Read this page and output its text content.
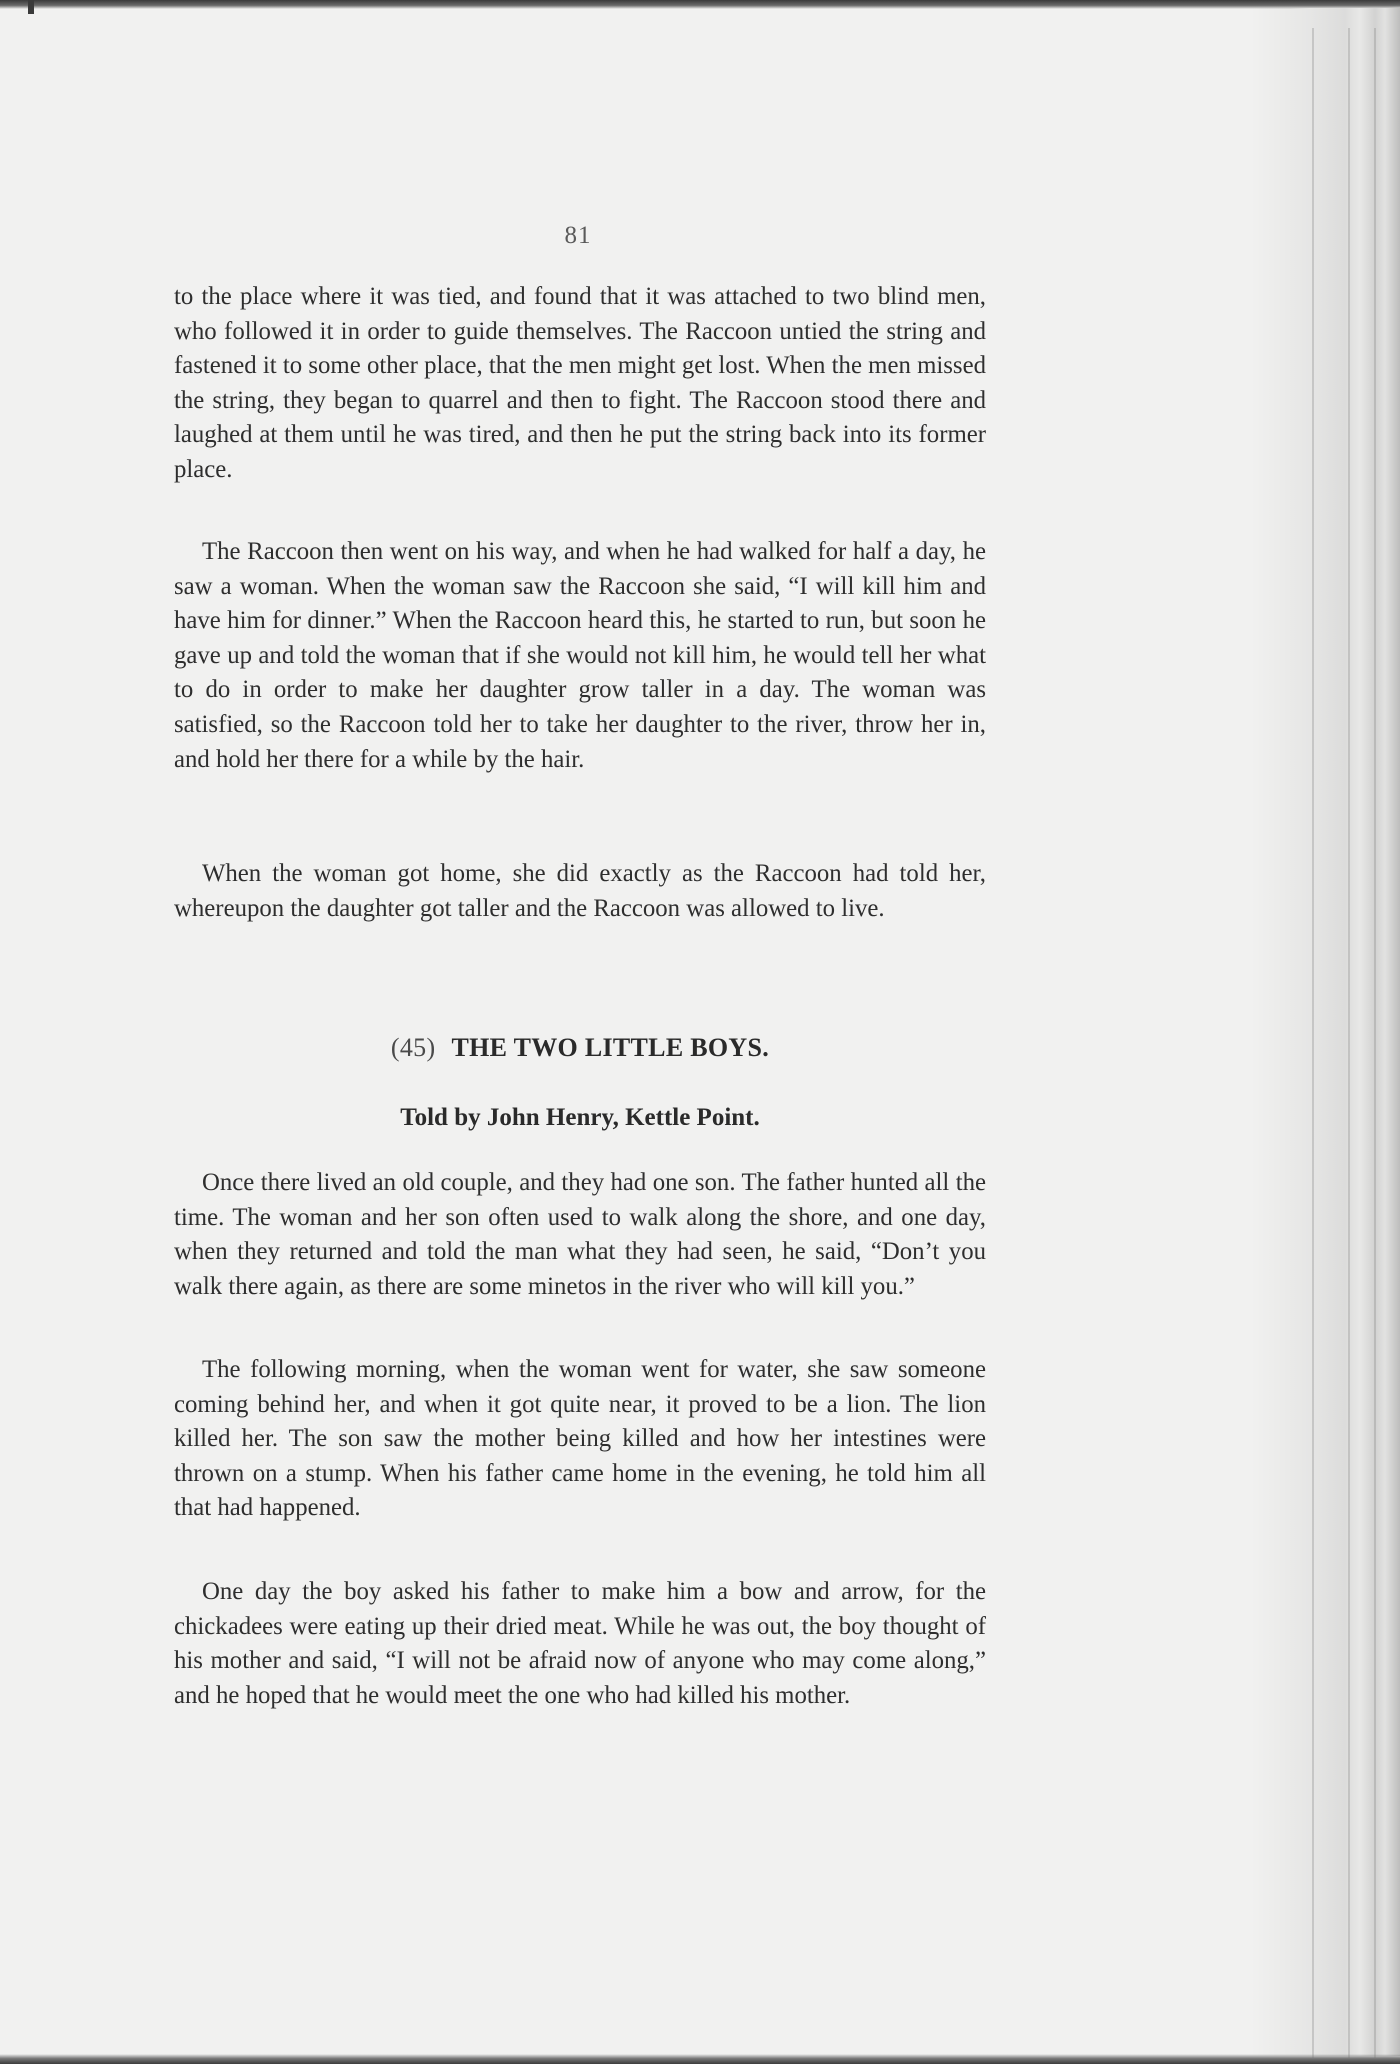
81

to the place where it was tied, and found that it was attached to two blind men, who followed it in order to guide themselves. The Raccoon untied the string and fastened it to some other place, that the men might get lost. When the men missed the string, they began to quarrel and then to fight. The Raccoon stood there and laughed at them until he was tired, and then he put the string back into its former place.

The Raccoon then went on his way, and when he had walked for half a day, he saw a woman. When the woman saw the Raccoon she said, “I will kill him and have him for dinner.” When the Raccoon heard this, he started to run, but soon he gave up and told the woman that if she would not kill him, he would tell her what to do in order to make her daughter grow taller in a day. The woman was satisfied, so the Raccoon told her to take her daughter to the river, throw her in, and hold her there for a while by the hair.

When the woman got home, she did exactly as the Raccoon had told her, whereupon the daughter got taller and the Raccoon was allowed to live.

(45) THE TWO LITTLE BOYS.
Told by John Henry, Kettle Point.

Once there lived an old couple, and they had one son. The father hunted all the time. The woman and her son often used to walk along the shore, and one day, when they returned and told the man what they had seen, he said, “Don’t you walk there again, as there are some minetos in the river who will kill you.”

The following morning, when the woman went for water, she saw someone coming behind her, and when it got quite near, it proved to be a lion. The lion killed her. The son saw the mother being killed and how her intestines were thrown on a stump. When his father came home in the evening, he told him all that had happened.

One day the boy asked his father to make him a bow and arrow, for the chickadees were eating up their dried meat. While he was out, the boy thought of his mother and said, “I will not be afraid now of anyone who may come along,” and he hoped that he would meet the one who had killed his mother.
